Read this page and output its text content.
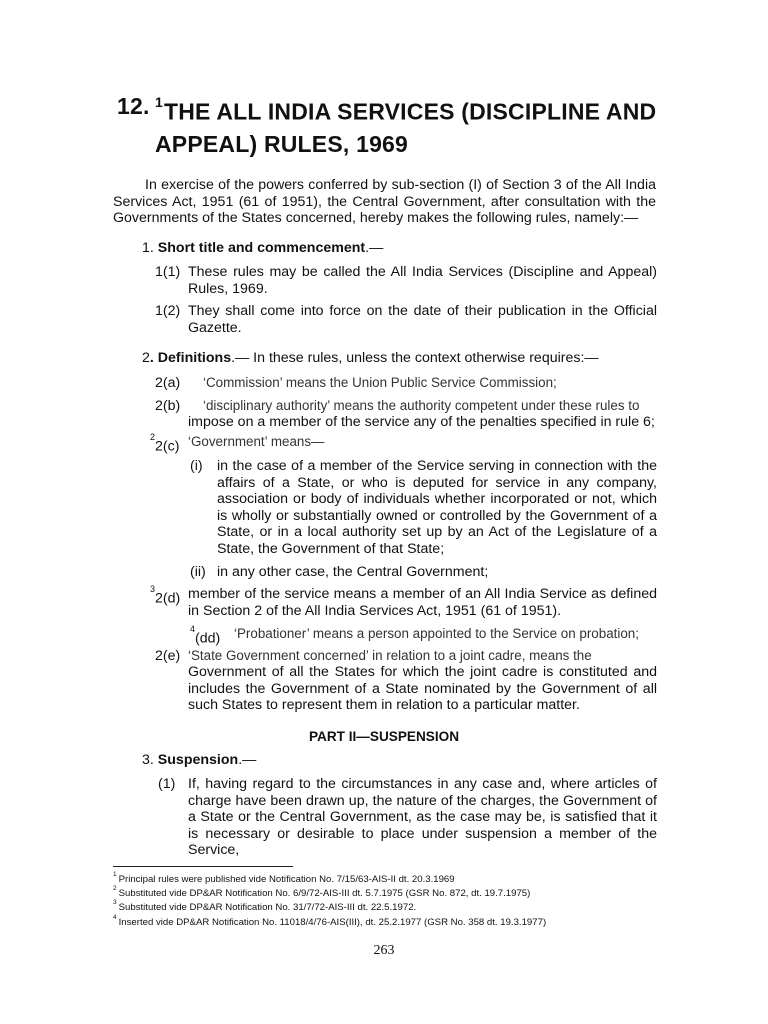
12. $^1$THE ALL INDIA SERVICES (DISCIPLINE AND APPEAL) RULES, 1969
In exercise of the powers conferred by sub-section (I) of Section 3 of the All India Services Act, 1951 (61 of 1951), the Central Government, after consultation with the Governments of the States concerned, hereby makes the following rules, namely:—
1. Short title and commencement.—
1(1) These rules may be called the All India Services (Discipline and Appeal) Rules, 1969.
1(2) They shall come into force on the date of their publication in the Official Gazette.
2. Definitions.— In these rules, unless the context otherwise requires:—
2(a) ‘Commission’ means the Union Public Service Commission;
2(b) ‘disciplinary authority’ means the authority competent under these rules to
impose on a member of the service any of the penalties specified in rule 6;
$^2$2(c) ‘Government’ means—
(i) in the case of a member of the Service serving in connection with the affairs of a State, or who is deputed for service in any company, association or body of individuals whether incorporated or not, which is wholly or substantially owned or controlled by the Government of a State, or in a local authority set up by an Act of the Legislature of a State, the Government of that State;
(ii) in any other case, the Central Government;
$^3$2(d) member of the service means a member of an All India Service as defined in Section 2 of the All India Services Act, 1951 (61 of 1951).
$^4$(dd) ‘Probationer’ means a person appointed to the Service on probation;
2(e) ‘State Government concerned’ in relation to a joint cadre, means the
Government of all the States for which the joint cadre is constituted and includes the Government of a State nominated by the Government of all such States to represent them in relation to a particular matter.
PART II—SUSPENSION
3. Suspension.—
(1) If, having regard to the circumstances in any case and, where articles of charge have been drawn up, the nature of the charges, the Government of a State or the Central Government, as the case may be, is satisfied that it is necessary or desirable to place under suspension a member of the Service,
$^1$ Principal rules were published vide Notification No. 7/15/63-AIS-II dt. 20.3.1969
$^2$ Substituted vide DP&AR Notification No. 6/9/72-AIS-III dt. 5.7.1975 (GSR No. 872, dt. 19.7.1975)
$^3$ Substituted vide DP&AR Notification No. 31/7/72-AIS-III dt. 22.5.1972.
$^4$ Inserted vide DP&AR Notification No. 11018/4/76-AIS(III), dt. 25.2.1977 (GSR No. 358 dt. 19.3.1977)
263
